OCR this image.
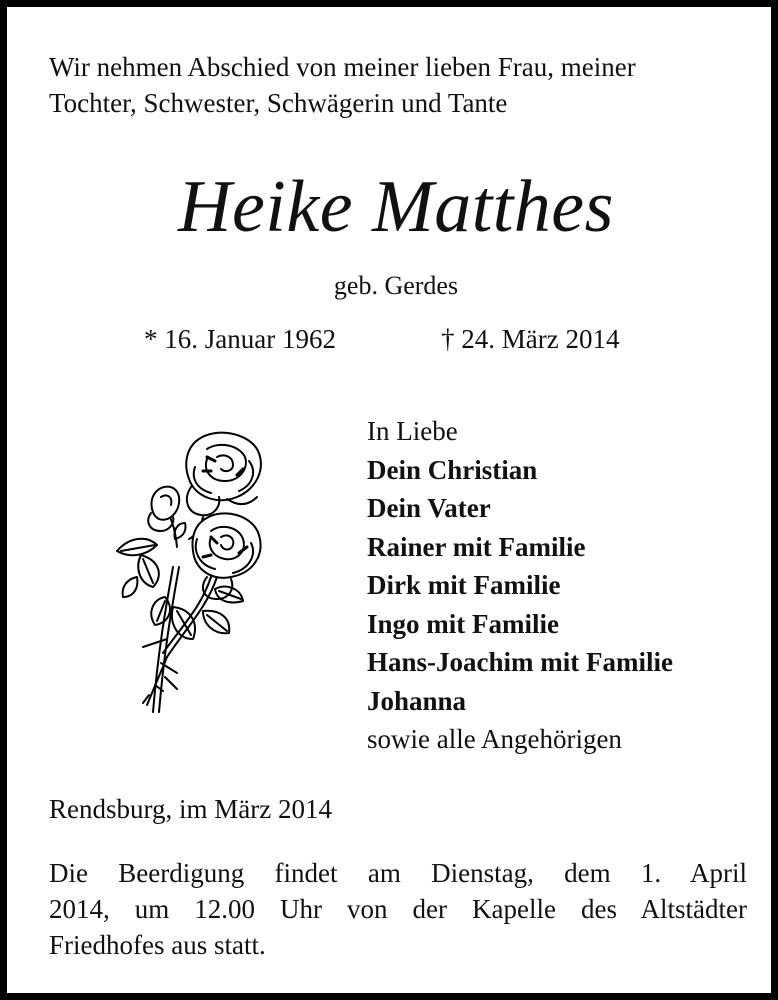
Wir nehmen Abschied von meiner lieben Frau, meiner
Tochter, Schwester, Schwägerin und Tante
Heike Matthes
geb. Gerdes
* 16. Januar 1962	† 24. März 2014
In Liebe
Dein Christian
Dein Vater
Rainer mit Familie
Dirk mit Familie
Ingo mit Familie
Hans-Joachim mit Familie
Johanna
sowie alle Angehörigen
Rendsburg, im März 2014
Die Beerdigung findet am Dienstag, dem 1. April
2014, um 12.00 Uhr von der Kapelle des Altstädter
Friedhofes aus statt.
